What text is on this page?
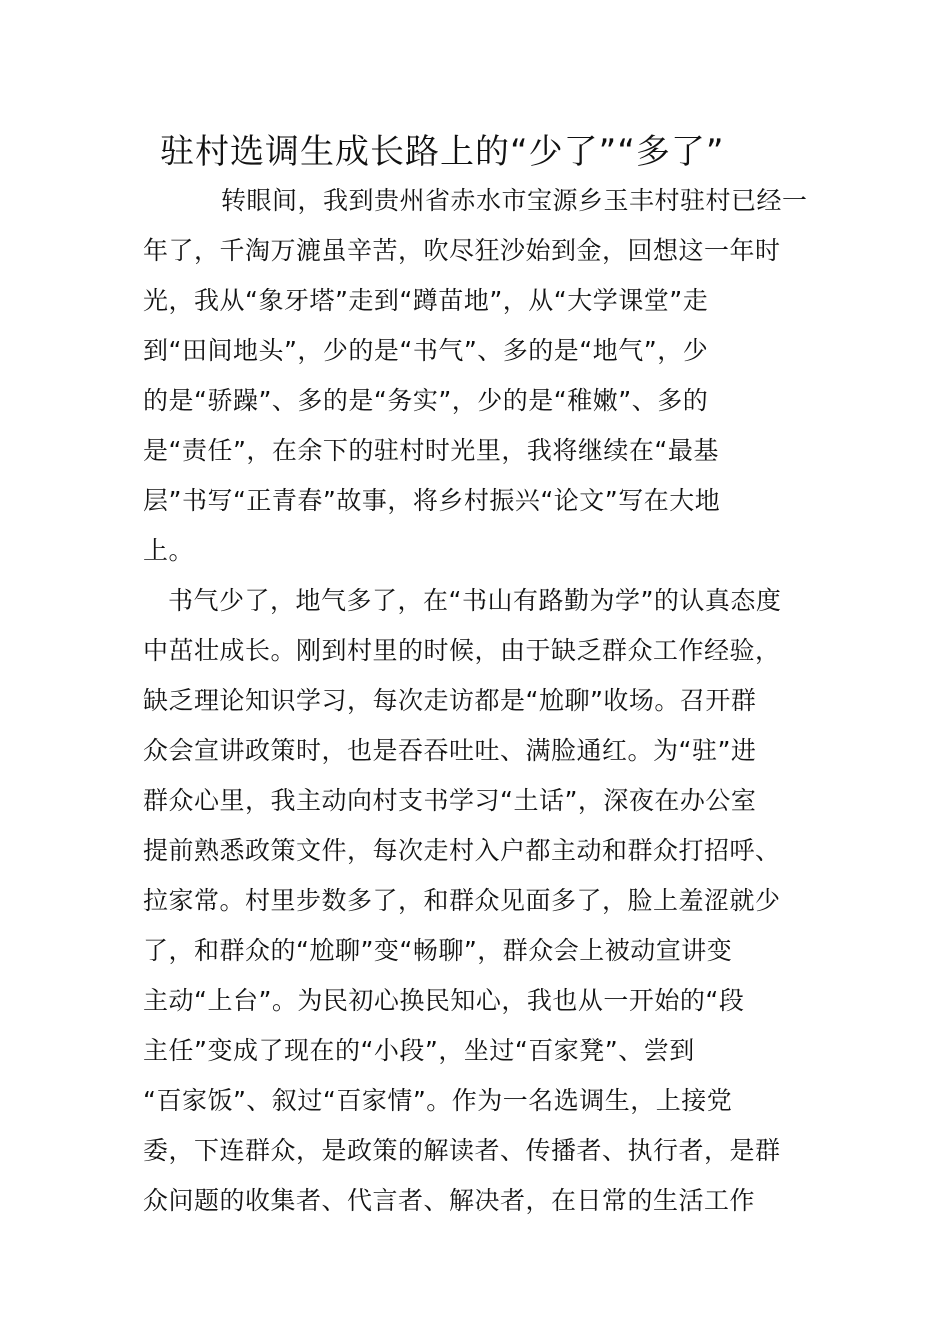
驻村选调生成长路上的“少了”“多了”
转眼间，我到贵州省赤水市宝源乡玉丰村驻村已经一
年了，千淘万漉虽辛苦，吹尽狂沙始到金，回想这一年时
光，我从“象牙塔”走到“蹲苗地”，从“大学课堂”走
到“田间地头”，少的是“书气”、多的是“地气”，少
的是“骄躁”、多的是“务实”，少的是“稚嫩”、多的
是“责任”，在余下的驻村时光里，我将继续在“最基
层”书写“正青春”故事，将乡村振兴“论文”写在大地
上。
书气少了，地气多了，在“书山有路勤为学”的认真态度
中茁壮成长。刚到村里的时候，由于缺乏群众工作经验，
缺乏理论知识学习，每次走访都是“尬聊”收场。召开群
众会宣讲政策时，也是吞吞吐吐、满脸通红。为“驻”进
群众心里，我主动向村支书学习“土话”，深夜在办公室
提前熟悉政策文件，每次走村入户都主动和群众打招呼、
拉家常。村里步数多了，和群众见面多了，脸上羞涩就少
了，和群众的“尬聊”变“畅聊”，群众会上被动宣讲变
主动“上台”。为民初心换民知心，我也从一开始的“段
主任”变成了现在的“小段”，坐过“百家凳”、尝到
“百家饭”、叙过“百家情”。作为一名选调生，上接党
委，下连群众，是政策的解读者、传播者、执行者，是群
众问题的收集者、代言者、解决者，在日常的生活工作
